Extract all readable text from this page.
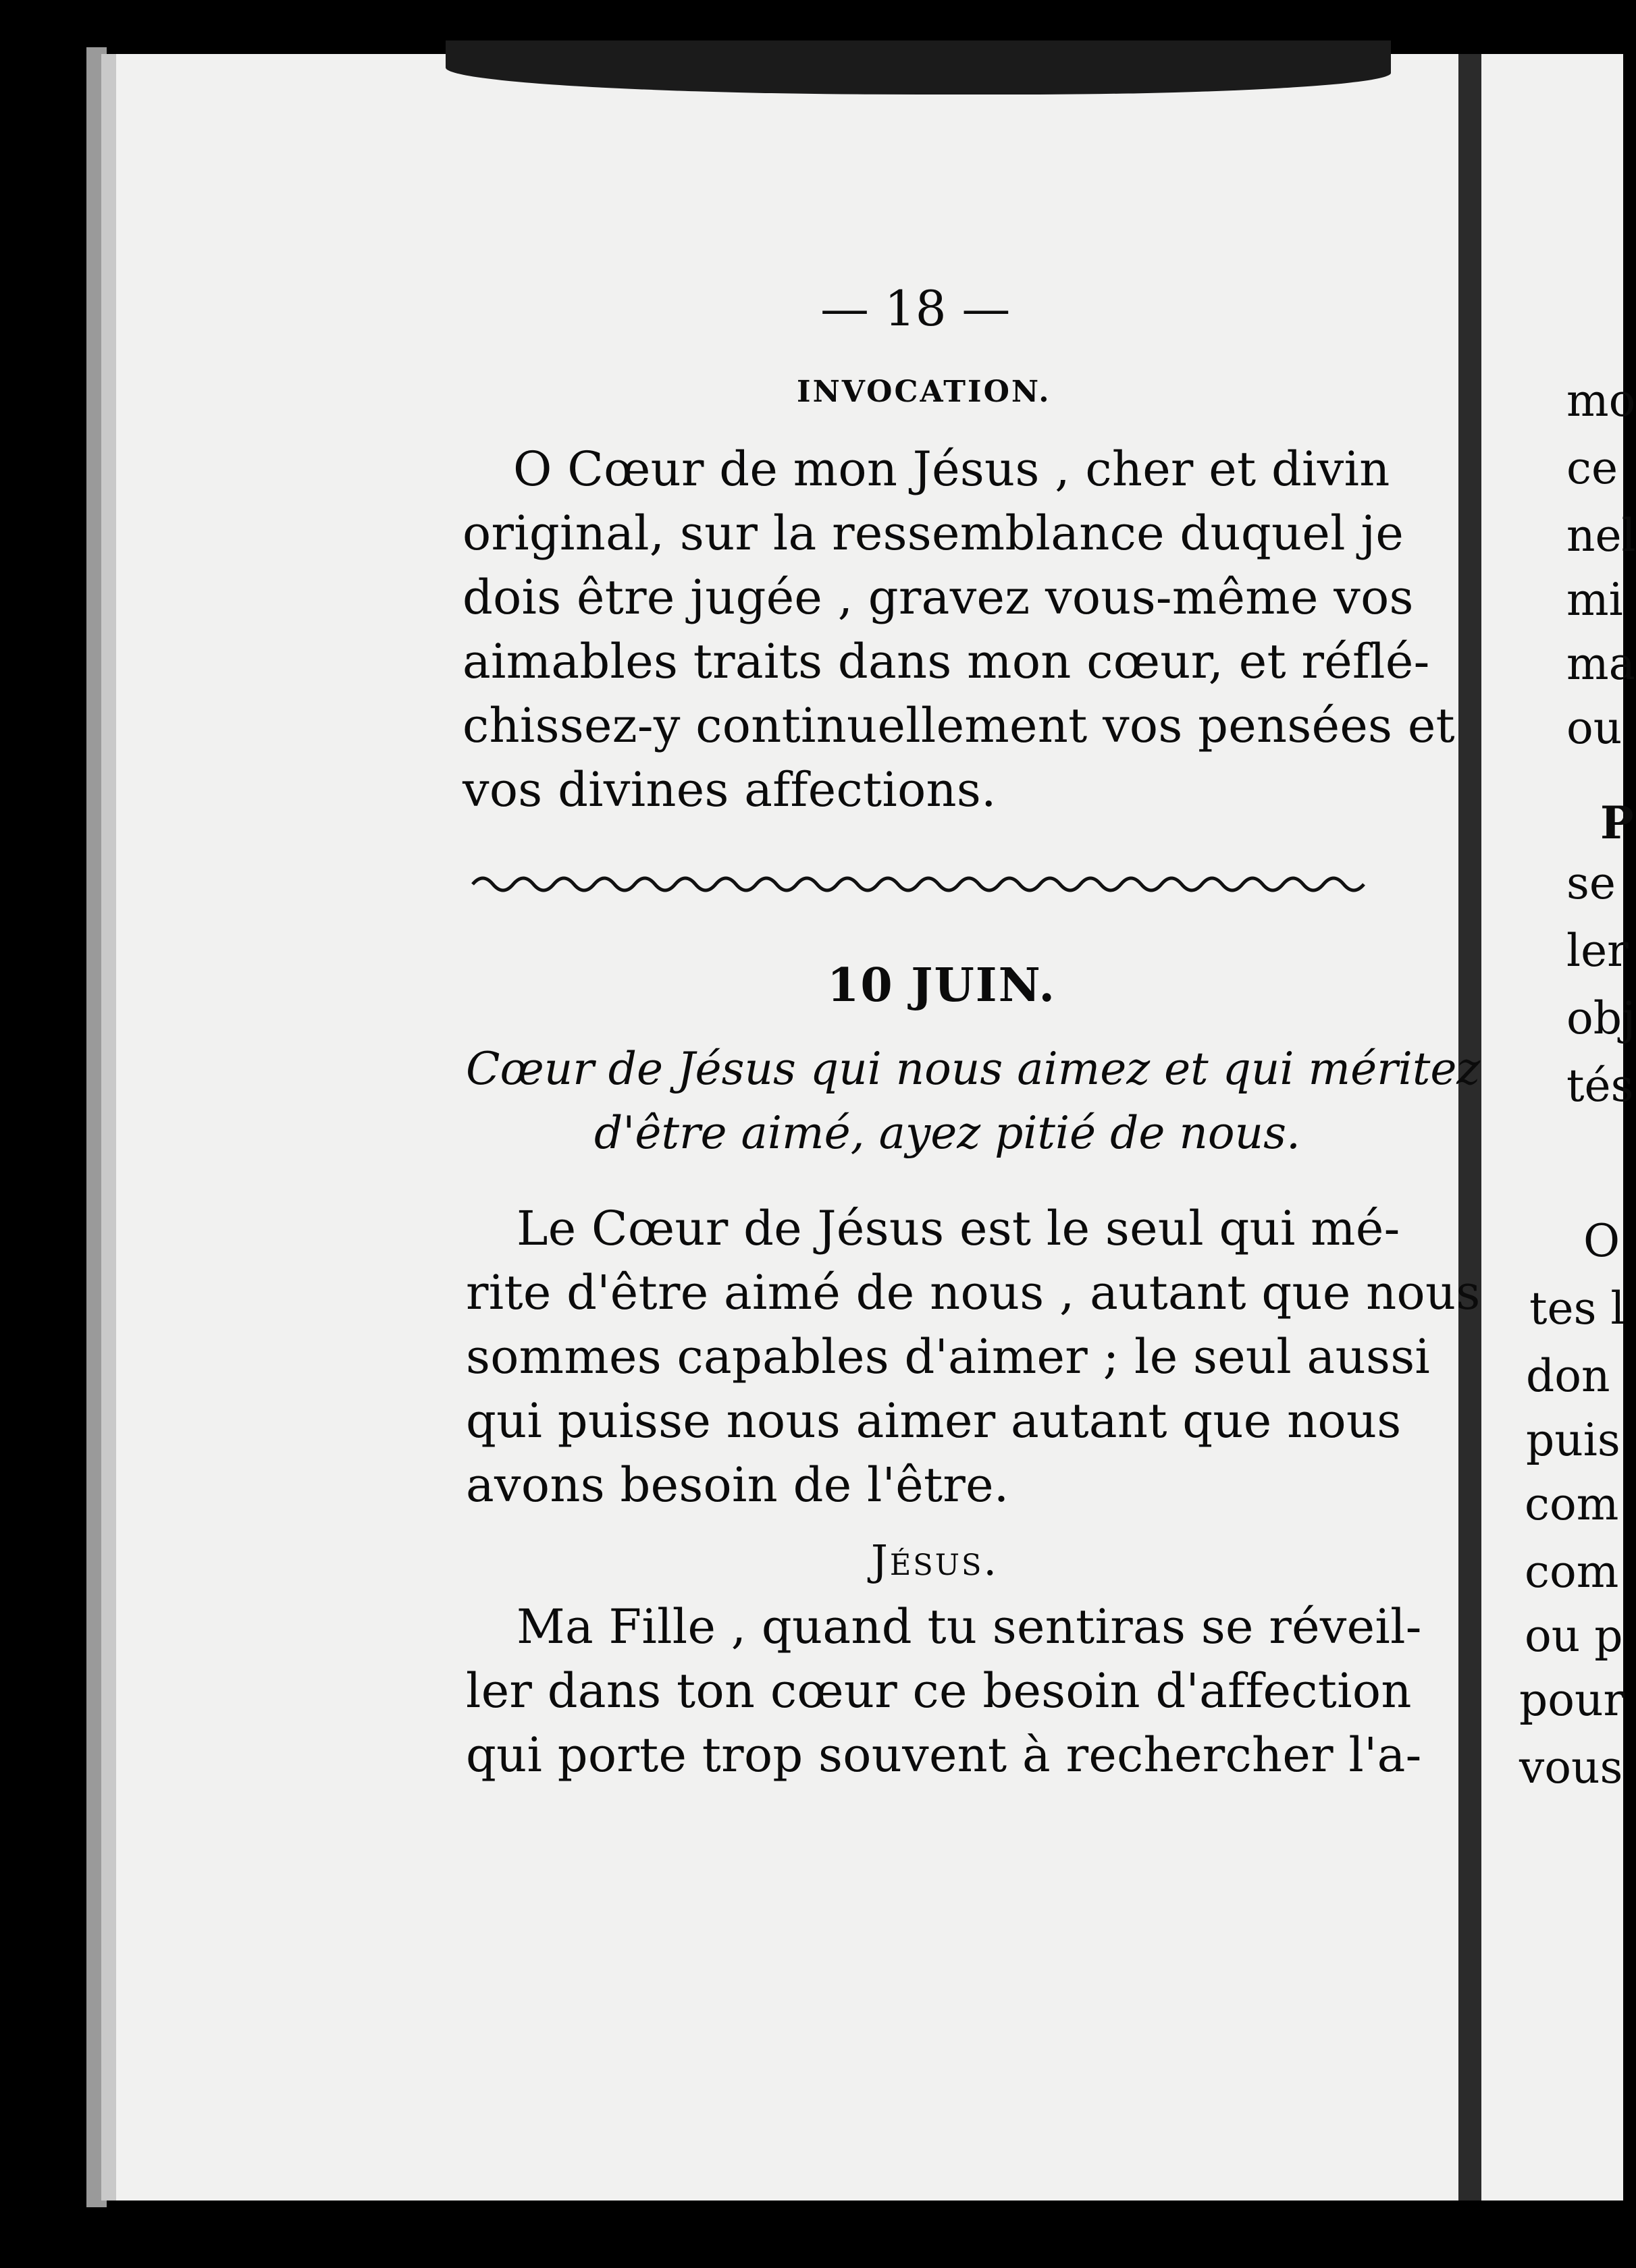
— 18 —
INVOCATION.
O Cœur de mon Jésus , cher et divin
original, sur la ressemblance duquel je
dois être jugée , gravez vous-même vos
aimables traits dans mon cœur, et réflé-
chissez-y continuellement vos pensées et
vos divines affections.
10 JUIN.
Cœur de Jésus qui nous aimez et qui méritez
d'être aimé, ayez pitié de nous.
Le Cœur de Jésus est le seul qui mé-
rite d'être aimé de nous , autant que nous
sommes capables d'aimer ; le seul aussi
qui puisse nous aimer autant que nous
avons besoin de l'être.
Jésus.
Ma Fille , quand tu sentiras se réveil-
ler dans ton cœur ce besoin d'affection
qui porte trop souvent à rechercher l'a-
mo
ce
nel
mi
ma
ou
P
se
ler
obj
tés
O
tes l
don
puis
com
com
ou p
pour
vous
